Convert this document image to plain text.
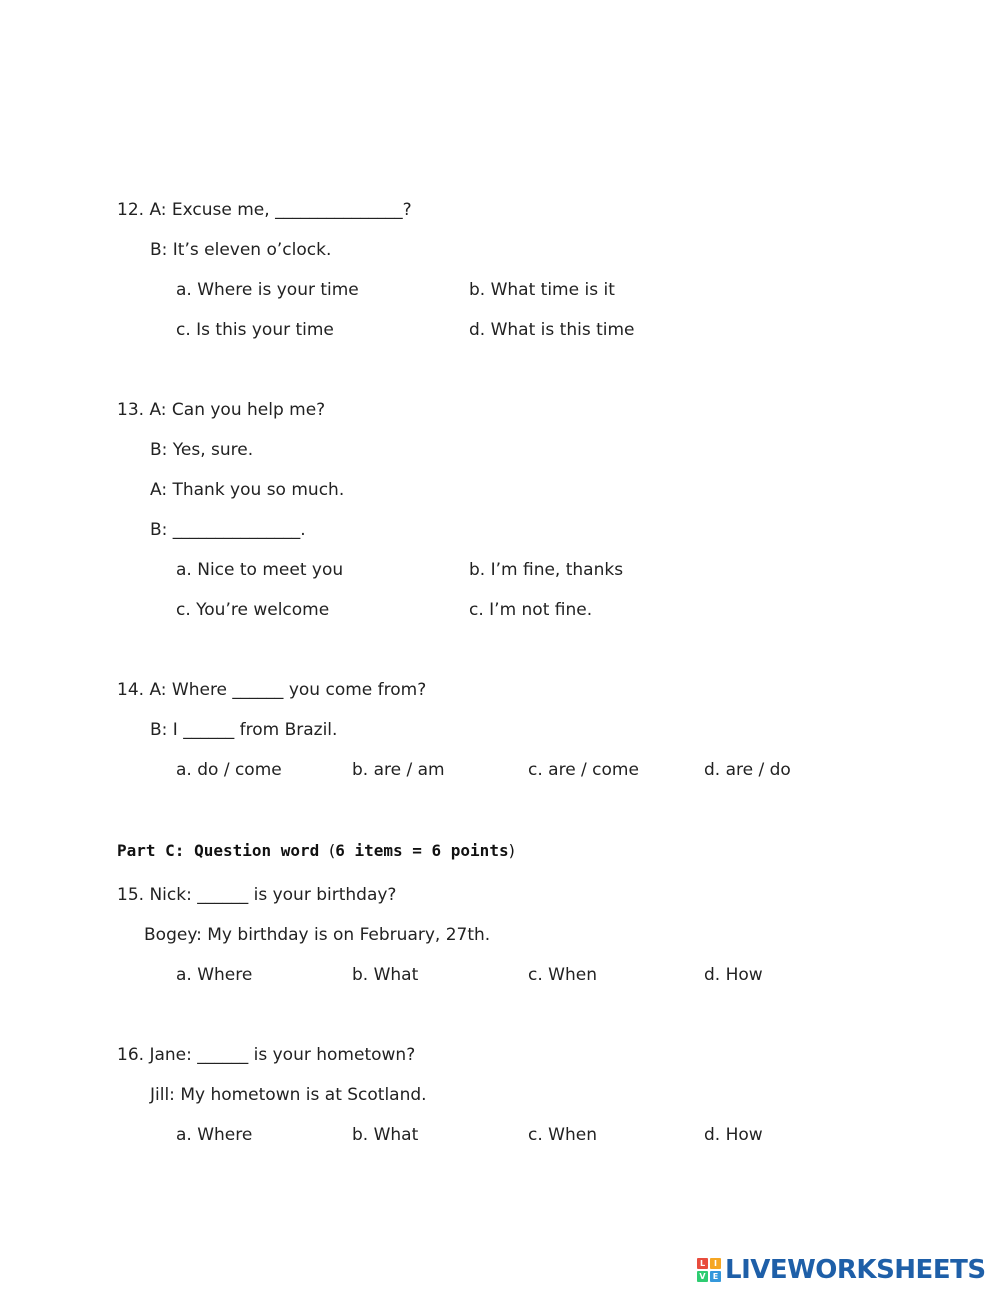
12. A: Excuse me, _______________?
B: It’s eleven o’clock.
a. Where is your time	b. What time is it
c. Is this your time	d. What is this time
13. A: Can you help me?
B: Yes, sure.
A: Thank you so much.
B: _______________.
a. Nice to meet you	b. I’m fine, thanks
c. You’re welcome	c. I’m not fine.
14. A: Where ______ you come from?
B: I ______ from Brazil.
a. do / come	b. are / am	c. are / come	d. are / do
Part C: Question word (6 items = 6 points)
15. Nick: ______ is your birthday?
Bogey: My birthday is on February, 27th.
a. Where	b. What	c. When	d. How
16. Jane: ______ is your hometown?
Jill: My hometown is at Scotland.
a. Where	b. What	c. When	d. How
L	I
V E LIVEWORKSHEETS
